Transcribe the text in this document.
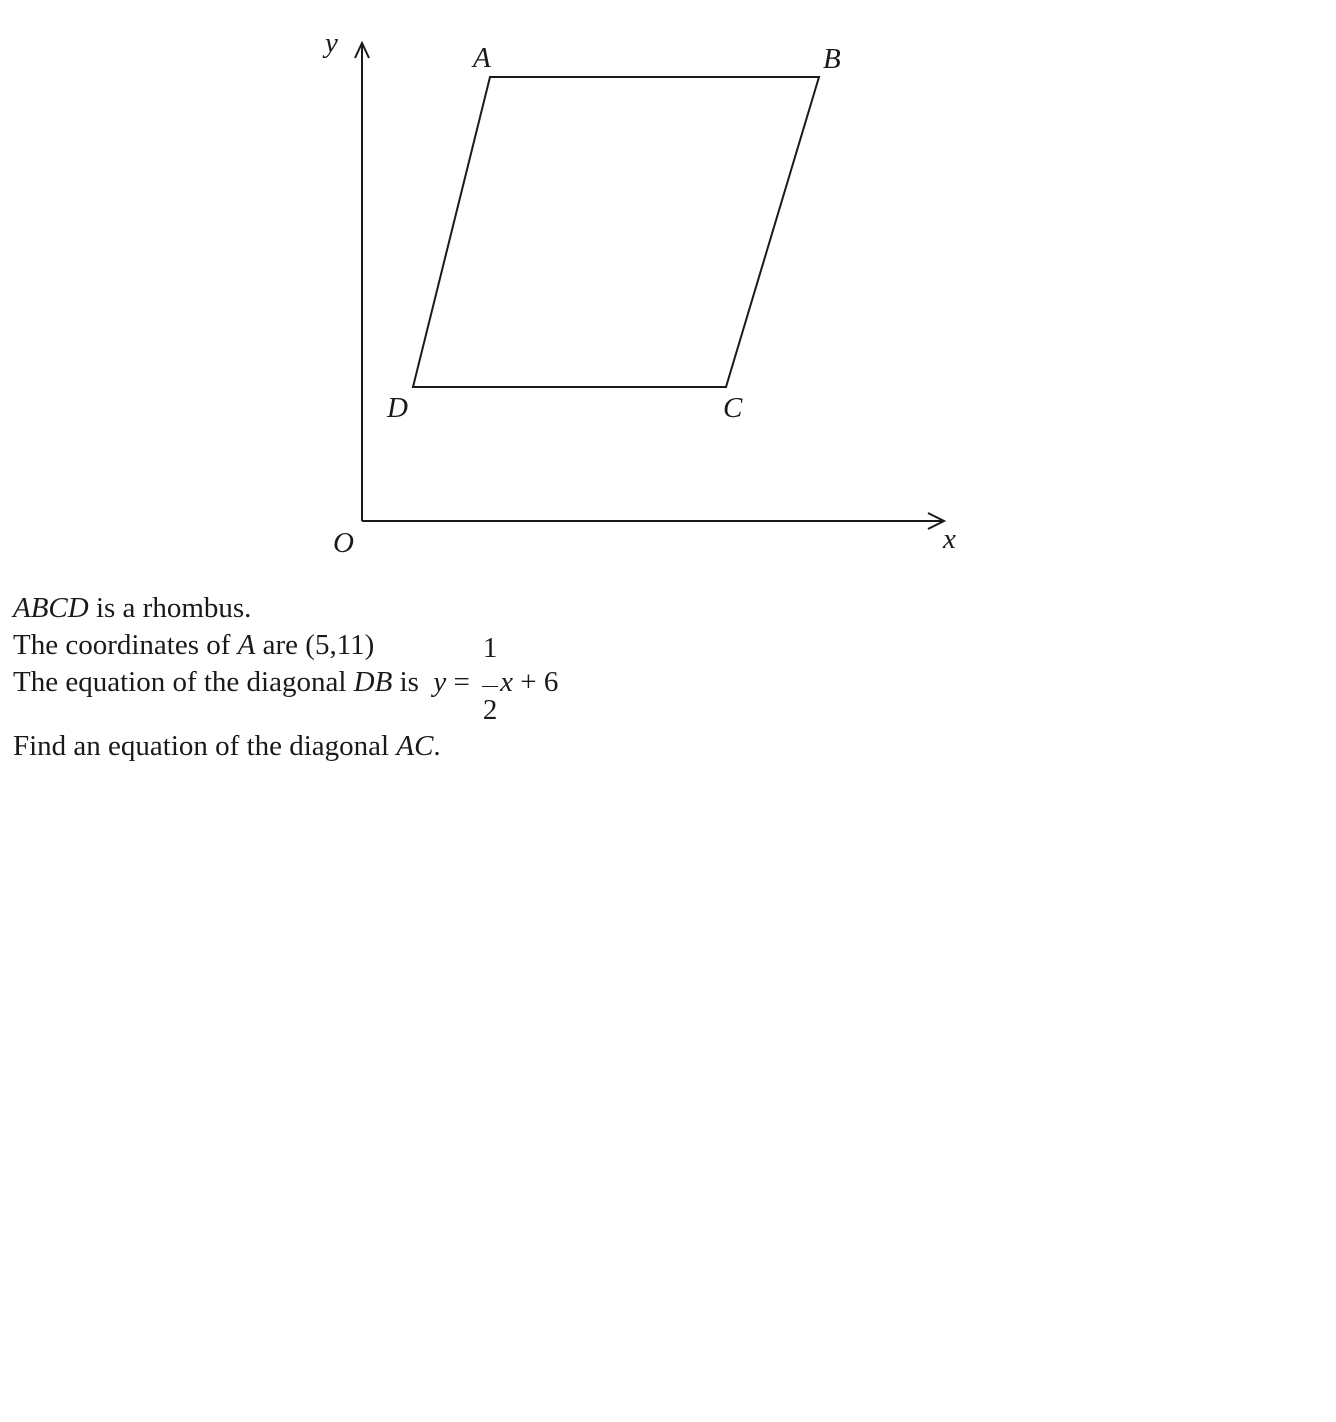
y
x
O
A	B
C
D
ABCD is a rhombus.
The coordinates of A are (5,11)
The equation of the diagonal DB is  $y = \frac{1}{2}$ x + 6
Find an equation of the diagonal AC.
